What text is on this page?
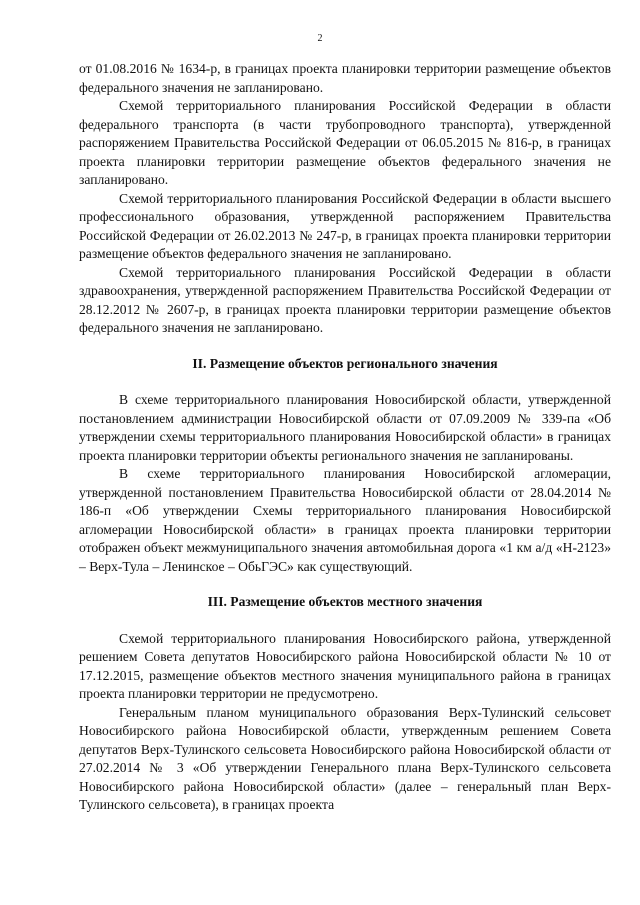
2

от 01.08.2016 № 1634-р, в границах проекта планировки территории размещение объектов федерального значения не запланировано.

Схемой территориального планирования Российской Федерации в области федерального транспорта (в части трубопроводного транспорта), утвержденной распоряжением Правительства Российской Федерации от 06.05.2015 № 816-р, в границах проекта планировки территории размещение объектов федерального значения не запланировано.

Схемой территориального планирования Российской Федерации в области высшего профессионального образования, утвержденной распоряжением Правительства Российской Федерации от 26.02.2013 № 247-р, в границах проекта планировки территории размещение объектов федерального значения не запланировано.

Схемой территориального планирования Российской Федерации в области здравоохранения, утвержденной распоряжением Правительства Российской Федерации от 28.12.2012 № 2607-р, в границах проекта планировки территории размещение объектов федерального значения не запланировано.

II. Размещение объектов регионального значения

В схеме территориального планирования Новосибирской области, утвержденной постановлением администрации Новосибирской области от 07.09.2009 № 339-па «Об утверждении схемы территориального планирования Новосибирской области» в границах проекта планировки территории объекты регионального значения не запланированы.

В схеме территориального планирования Новосибирской агломерации, утвержденной постановлением Правительства Новосибирской области от 28.04.2014 № 186-п «Об утверждении Схемы территориального планирования Новосибирской агломерации Новосибирской области» в границах проекта планировки территории отображен объект межмуниципального значения автомобильная дорога «1 км а/д «Н-2123» – Верх-Тула – Ленинское – ОбьГЭС» как существующий.

III. Размещение объектов местного значения

Схемой территориального планирования Новосибирского района, утвержденной решением Совета депутатов Новосибирского района Новосибирской области № 10 от 17.12.2015, размещение объектов местного значения муниципального района в границах проекта планировки территории не предусмотрено.

Генеральным планом муниципального образования Верх-Тулинский сельсовет Новосибирского района Новосибирской области, утвержденным решением Совета депутатов Верх-Тулинского сельсовета Новосибирского района Новосибирской области от 27.02.2014 № 3 «Об утверждении Генерального плана Верх-Тулинского сельсовета Новосибирского района Новосибирской области» (далее – генеральный план Верх-Тулинского сельсовета), в границах проекта
